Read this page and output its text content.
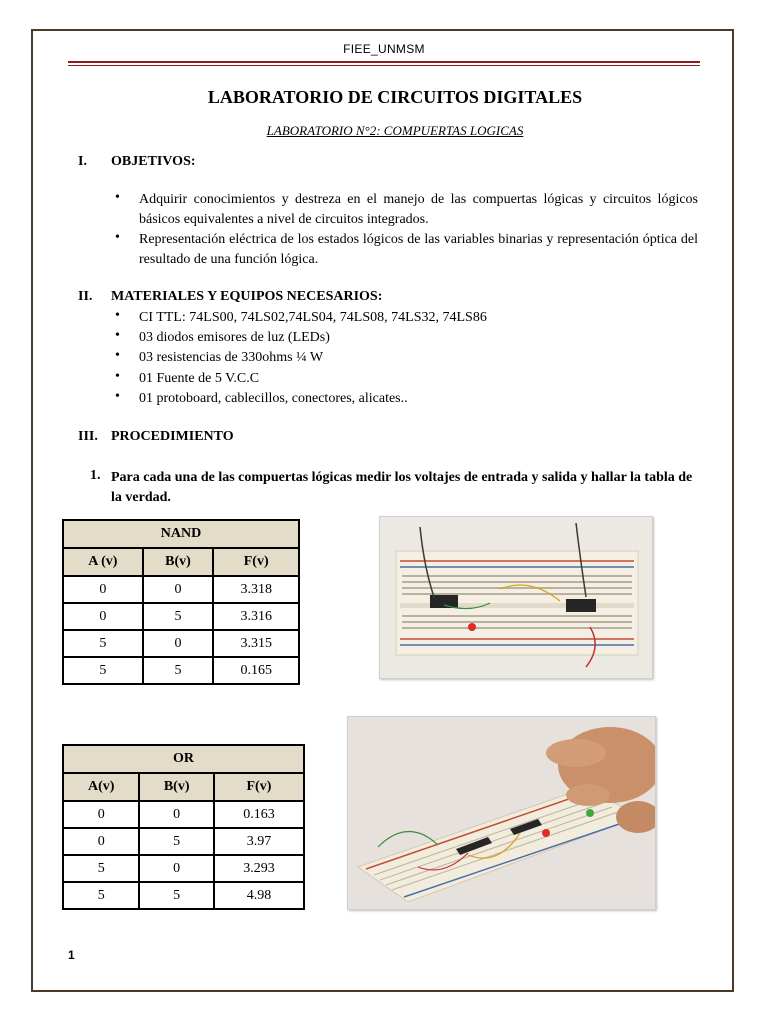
FIEE_UNMSM
LABORATORIO DE CIRCUITOS DIGITALES
LABORATORIO N°2: COMPUERTAS LOGICAS
I. OBJETIVOS:
• Adquirir conocimientos y destreza en el manejo de las compuertas lógicas y circuitos lógicos básicos equivalentes a nivel de circuitos integrados.
• Representación eléctrica de los estados lógicos de las variables binarias y representación óptica del resultado de una función lógica.
II. MATERIALES Y EQUIPOS NECESARIOS:
• CI TTL: 74LS00, 74LS02,74LS04, 74LS08, 74LS32, 74LS86
• 03 diodos emisores de luz (LEDs)
• 03 resistencias de 330ohms ¼ W
• 01 Fuente de 5 V.C.C
• 01 protoboard, cablecillos, conectores, alicates..
III. PROCEDIMIENTO
1. Para cada una de las compuertas lógicas medir los voltajes de entrada y salida y hallar la tabla de la verdad.
NAND		
A (v)	B(v)	F(v)
0	0	3.318
0	5	3.316
5	0	3.315
5	5	0.165
OR		
A(v)	B(v)	F(v)
0	0	0.163
0	5	3.97
5	0	3.293
5	5	4.98
1
